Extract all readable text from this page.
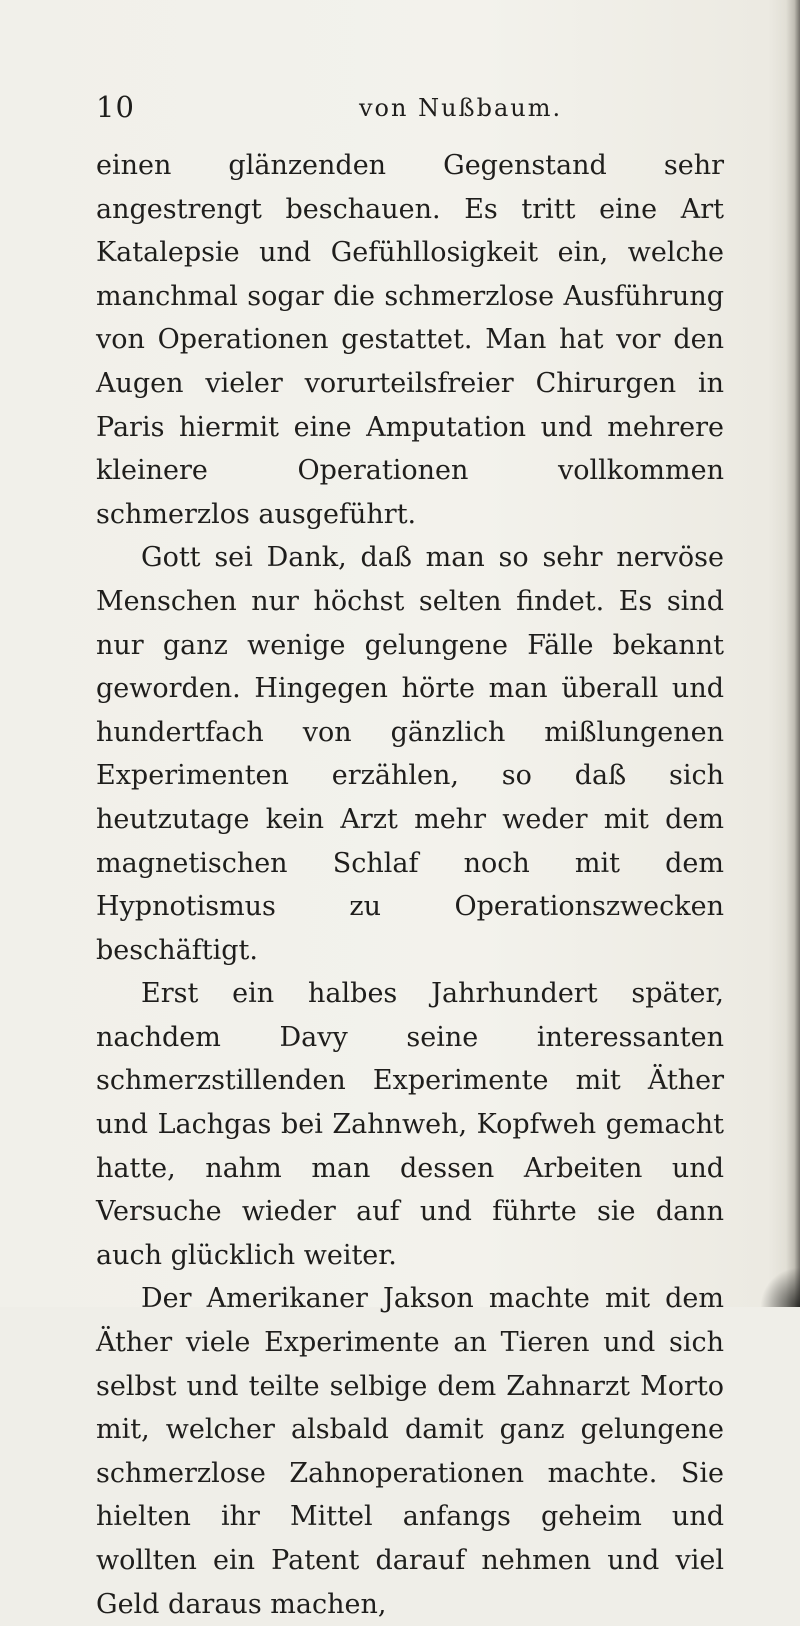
10	von Nußbaum.

einen glänzenden Gegenstand sehr angestrengt beschauen. Es tritt eine Art Katalepsie und Gefühllosigkeit ein, welche manchmal sogar die schmerzlose Ausführung von Operationen gestattet. Man hat vor den Augen vieler vorurteilsfreier Chirurgen in Paris hiermit eine Amputation und mehrere kleinere Operationen vollkommen schmerzlos ausgeführt.

Gott sei Dank, daß man so sehr nervöse Menschen nur höchst selten findet. Es sind nur ganz wenige gelungene Fälle bekannt geworden. Hingegen hörte man überall und hundertfach von gänzlich mißlungenen Experimenten erzählen, so daß sich heutzutage kein Arzt mehr weder mit dem magnetischen Schlaf noch mit dem Hypnotismus zu Operationszwecken beschäftigt.

Erst ein halbes Jahrhundert später, nachdem Davy seine interessanten schmerzstillenden Experimente mit Äther und Lachgas bei Zahnweh, Kopfweh gemacht hatte, nahm man dessen Arbeiten und Versuche wieder auf und führte sie dann auch glücklich weiter.

Der Amerikaner Jakson machte mit dem Äther viele Experimente an Tieren und sich selbst und teilte selbige dem Zahnarzt Morto mit, welcher alsbald damit ganz gelungene schmerzlose Zahnoperationen machte. Sie hielten ihr Mittel anfangs geheim und wollten ein Patent darauf nehmen und viel Geld daraus machen,
